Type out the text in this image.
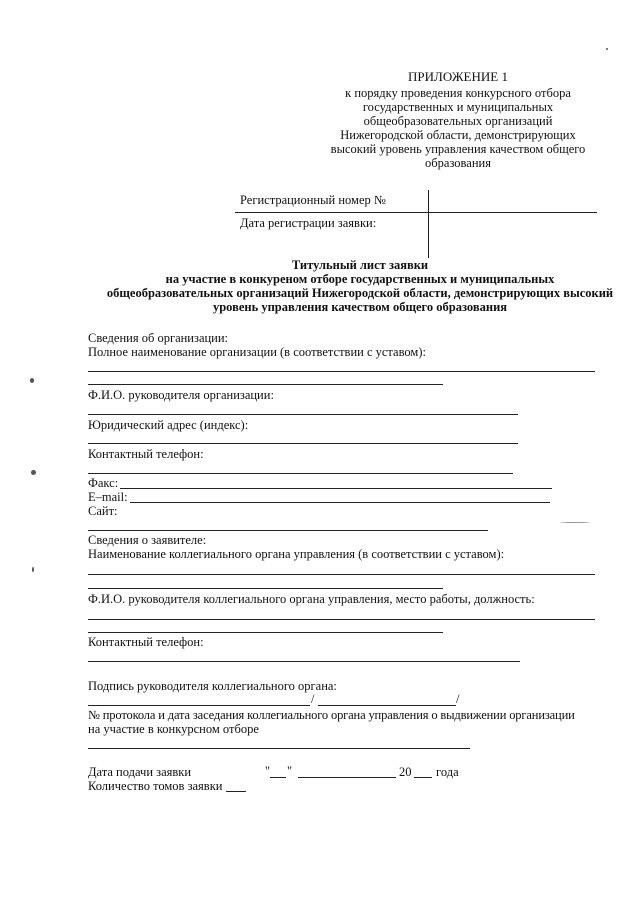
ПРИЛОЖЕНИЕ 1
к порядку проведения конкурсного отбора
государственных и муниципальных
общеобразовательных организаций
Нижегородской области, демонстрирующих
высокий уровень управления качеством общего
образования
Регистрационный номер №
Дата регистрации заявки:
Титульный лист заявки
на участие в конкуреном отборе государственных и муниципальных
общеобразовательных организаций Нижегородской области, демонстрирующих высокий
уровень управления качеством общего образования
Сведения об организации:
Полное наименование организации (в соответствии с уставом):
Ф.И.О. руководителя организации:
Юридический адрес (индекс):
Контактный телефон:
Факс:
E–mail:
Сайт:
Сведения о заявителе:
Наименование коллегиального органа управления (в соответствии с уставом):
Ф.И.О. руководителя коллегиального органа управления, место работы, должность:
Контактный телефон:
Подпись руководителя коллегиального органа:
/	/
№ протокола и дата заседания коллегиального органа управления о выдвижении организации
на участие в конкурсном отборе
Дата подачи заявки	" "	20 года
Количество томов заявки
